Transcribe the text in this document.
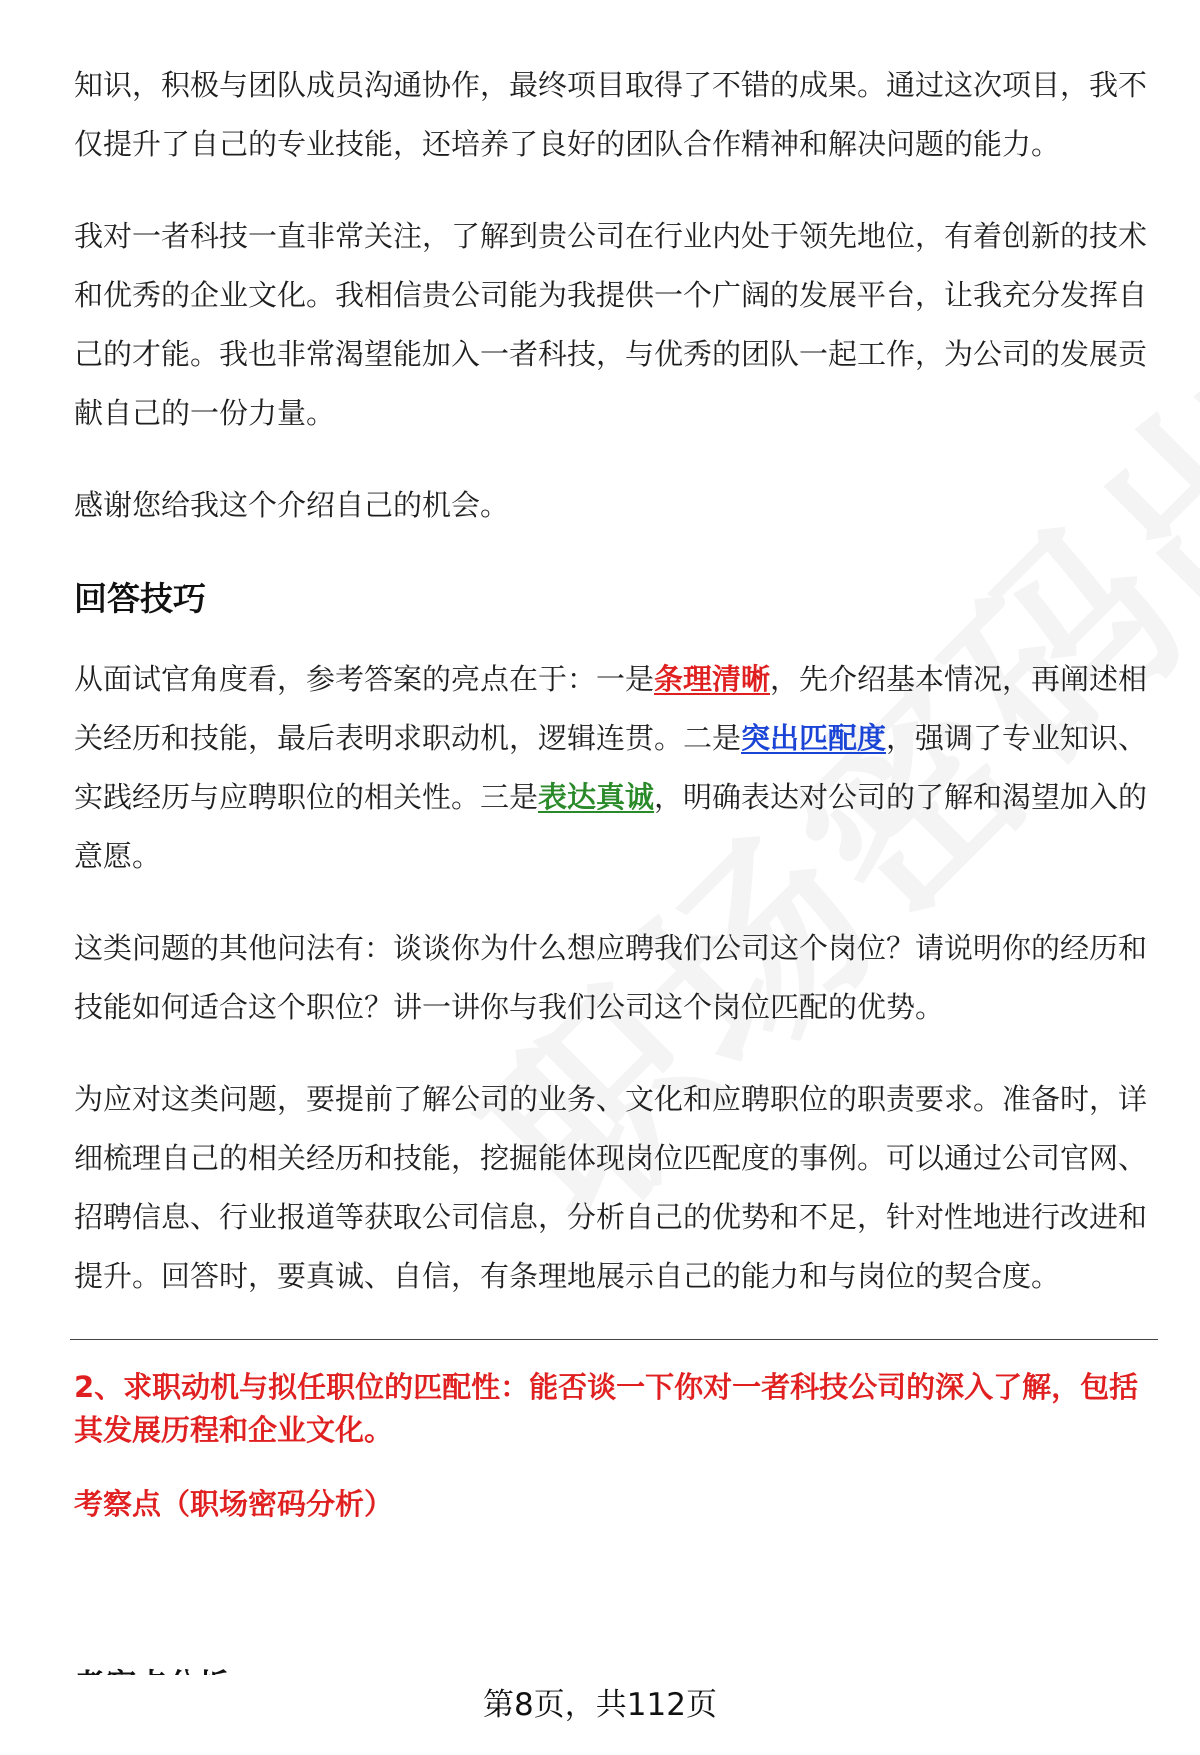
知识，积极与团队成员沟通协作，最终项目取得了不错的成果。通过这次项目，我不仅提升了自己的专业技能，还培养了良好的团队合作精神和解决问题的能力。

我对一者科技一直非常关注，了解到贵公司在行业内处于领先地位，有着创新的技术和优秀的企业文化。我相信贵公司能为我提供一个广阔的发展平台，让我充分发挥自己的才能。我也非常渴望能加入一者科技，与优秀的团队一起工作，为公司的发展贡献自己的一份力量。

感谢您给我这个介绍自己的机会。

回答技巧

从面试官角度看，参考答案的亮点在于：一是条理清晰，先介绍基本情况，再阐述相关经历和技能，最后表明求职动机，逻辑连贯。二是突出匹配度，强调了专业知识、实践经历与应聘职位的相关性。三是表达真诚，明确表达对公司的了解和渴望加入的意愿。

这类问题的其他问法有：谈谈你为什么想应聘我们公司这个岗位？请说明你的经历和技能如何适合这个职位？讲一讲你与我们公司这个岗位匹配的优势。

为应对这类问题，要提前了解公司的业务、文化和应聘职位的职责要求。准备时，详细梳理自己的相关经历和技能，挖掘能体现岗位匹配度的事例。可以通过公司官网、招聘信息、行业报道等获取公司信息，分析自己的优势和不足，针对性地进行改进和提升。回答时，要真诚、自信，有条理地展示自己的能力和与岗位的契合度。

2、求职动机与拟任职位的匹配性：能否谈一下你对一者科技公司的深入了解，包括其发展历程和企业文化。

考察点（职场密码分析）

第8页，共112页
